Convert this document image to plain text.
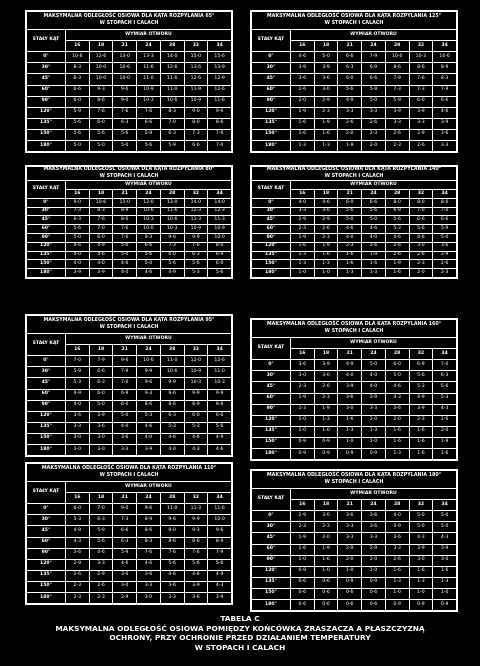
MAKSYMALNA ODLEGŁOŚĆ OSIOWA DLA KĄTA ROZPYLANIA 65°
W STOPACH I CALACH							

STAŁY KĄT	WYMIAR OTWORU						
	16	18	21	24	28	32	34
0°	10-6	12-6	13-0	13-3	14-0	15-0	15-6
30°	8-3	10-0	10-6	11-6	12-6	13-6	13-9
45°	8-3	10-0	10-0	11-0	11-6	12-6	12-9
60°	6-6	9-3	9-6	10-9	11-0	11-9	12-6
90°	6-0	8-6	9-0	10-3	10-6	10-9	11-6
120°	5-9	7-6	7-6	7-6	8-3	9-0	9-6
135°	5-6	6-0	6-3	6-6	7-0	8-0	8-6
150°	5-6	5-6	5-6	5-9	6-3	7-3	7-6
180°	5-0	5-0	5-0	5-6	5-9	6-6	7-0
MAKSYMALNA ODLEGŁOŚĆ OSIOWA DLA KĄTA ROZPYLANIA 125°
W STOPACH I CALACH							

STAŁY KĄT	WYMIAR OTWORU						
	16	18	21	24	28	32	34
0°	4-6	5-0	6-6	7-9	10-0	10-3	10-6
30°	3-9	3-9	6-3	6-9	8-6	8-6	8-9
45°	3-6	3-6	6-0	6-6	7-9	7-6	8-3
60°	2-6	3-0	5-6	5-9	7-3	7-3	7-9
90°	2-0	2-9	4-9	5-0	5-9	6-0	6-6
120°	1-9	2-3	3-3	3-3	3-9	3-9	4-6
135°	1-6	1-9	2-6	2-6	3-3	3-3	3-9
150°	1-6	1-6	2-0	2-3	2-6	2-9	3-6
180°	1-3	1-3	1-9	2-0	2-3	2-6	3-3
MAKSYMALNA ODLEGŁOŚĆ OSIOWA DLA KĄTA ROZPYLANIA 80°
W STOPACH I CALACH							

STAŁY KĄT	WYMIAR OTWORU						
	16	18	21	24	28	32	34
0°	9-0	10-6	11-0	12-0	13-0	14-0	14-0
30°	7-3	8-3	8-9	10-6	11-6	12-3	12-3
45°	6-3	7-6	8-0	10-3	10-6	11-3	11-3
60°	5-6	7-0	7-6	10-0	10-3	10-9	10-9
90°	5-0	6-0	7-0	9-3	9-6	9-9	10-0
120°	4-6	4-9	5-0	6-6	7-3	7-0	8-0
135°	4-0	4-6	5-0	5-6	6-0	6-3	6-9
150°	4-0	4-0	4-6	5-0	5-6	5-6	6-0
180°	3-9	3-9	4-0	4-6	4-9	5-3	5-6
MAKSYMALNA ODLEGŁOŚĆ OSIOWA DLA KĄTA ROZPYLANIA 140°
W STOPACH I CALACH							

STAŁY KĄT	WYMIAR OTWORU						
	16	18	21	24	28	32	34
0°	4-0	4-6	6-0	6-6	8-0	8-0	8-0
30°	3-3	3-6	5-6	5-6	6-9	7-0	7-0
45°	2-9	2-9	5-0	5-0	5-6	6-6	6-6
60°	2-3	2-6	4-6	4-6	5-3	5-6	5-9
90°	1-9	2-3	4-0	4-0	4-6	4-6	5-0
120°	1-6	1-9	2-3	2-6	2-6	3-0	3-6
135°	1-3	1-6	1-6	1-9	2-6	2-6	2-9
150°	1-3	1-3	1-6	1-6	1-9	2-3	2-6
180°	1-0	1-0	1-3	1-3	1-6	2-0	2-3
MAKSYMALNA ODLEGŁOŚĆ OSIOWA DLA KĄTA ROZPYLANIA 95°
W STOPACH I CALACH							

STAŁY KĄT	WYMIAR OTWORU						
	16	18	21	24	28	32	34
0°	7-0	7-9	9-6	10-6	11-0	12-0	12-6
30°	5-9	6-6	7-9	9-9	10-6	10-9	11-0
45°	5-3	6-3	7-0	9-6	9-9	10-3	10-3
60°	4-9	6-0	6-9	9-3	9-6	9-9	9-9
90°	4-0	5-0	6-0	8-6	8-6	8-9	8-9
120°	3-6	3-9	5-0	5-3	6-3	6-0	6-6
135°	3-3	3-6	4-0	4-6	5-3	5-3	5-6
150°	3-0	3-0	3-6	4-0	4-6	4-6	4-9
180°	3-0	3-0	3-3	3-9	4-0	4-3	4-6
MAKSYMALNA ODLEGŁOŚĆ OSIOWA DLA KĄTA ROZPYLANIA 160°
W STOPACH I CALACH							

STAŁY KĄT	WYMIAR OTWORU						
	16	18	21	24	28	32	34
0°	3-6	3-9	4-9	5-0	6-0	6-9	7-0
30°	3-0	3-0	4-0	4-0	5-0	5-6	6-3
45°	2-3	2-6	3-9	4-0	4-6	5-3	5-6
60°	1-9	2-3	3-6	3-9	4-3	4-9	5-3
90°	1-3	1-9	3-0	3-3	3-6	3-9	4-3
120°	1-0	1-3	1-6	2-0	2-0	2-3	2-6
135°	1-0	1-0	1-3	1-3	1-6	1-6	2-0
150°	0-9	0-9	1-0	1-0	1-6	1-6	1-9
180°	0-9	0-9	0-9	0-9	1-3	1-6	1-6
MAKSYMALNA ODLEGŁOŚĆ OSIOWA DLA KĄTA ROZPYLANIA 110°
W STOPACH I CALACH							

STAŁY KĄT	WYMIAR OTWORU						
	16	18	21	24	28	32	34
0°	6-0	7-0	9-0	9-6	11-0	11-3	11-6
30°	5-3	6-3	7-3	8-9	9-6	9-9	10-0
45°	4-9	5-9	6-6	8-6	9-0	9-3	9-6
60°	4-3	5-6	6-3	8-3	8-6	8-6	8-9
90°	3-6	4-6	5-9	7-6	7-6	7-6	7-9
120°	2-9	3-3	4-6	4-6	5-6	5-6	5-6
135°	2-6	2-9	3-6	3-6	4-6	4-6	4-9
150°	2-3	2-6	3-0	3-3	3-6	3-9	4-3
180°	2-3	2-3	2-9	3-0	3-3	3-6	3-9
MAKSYMALNA ODLEGŁOŚĆ OSIOWA DLA KĄTA ROZPYLANIA 180°
W STOPACH I CALACH							

STAŁY KĄT	WYMIAR OTWORU						
	16	18	21	24	28	32	34
0°	2-9	3-0	3-6	3-6	4-0	5-0	5-0
30°	2-3	2-3	3-3	3-6	3-9	5-0	5-0
45°	1-9	2-0	3-3	3-3	3-6	4-3	4-3
60°	1-6	1-9	2-9	2-9	3-3	3-9	3-9
90°	1-0	1-6	2-0	2-0	2-6	3-0	3-0
120°	0-9	1-0	1-0	1-0	1-6	1-6	1-6
135°	0-6	0-6	0-9	0-9	1-3	1-3	1-3
150°	0-6	0-6	0-6	0-6	1-0	1-0	1-0
180°	0-6	0-6	0-6	0-6	0-9	0-9	0-9
TABELA C
MAKSYMALNA ODLEGŁOŚĆ OSIOWA POMIĘDZY KOŃCÓWKĄ ZRASZACZA A PŁASZCZYZNĄ
OCHRONY, PRZY OCHRONIE PRZED DZIAŁANIEM TEMPERATURY
W STOPACH I CALACH
